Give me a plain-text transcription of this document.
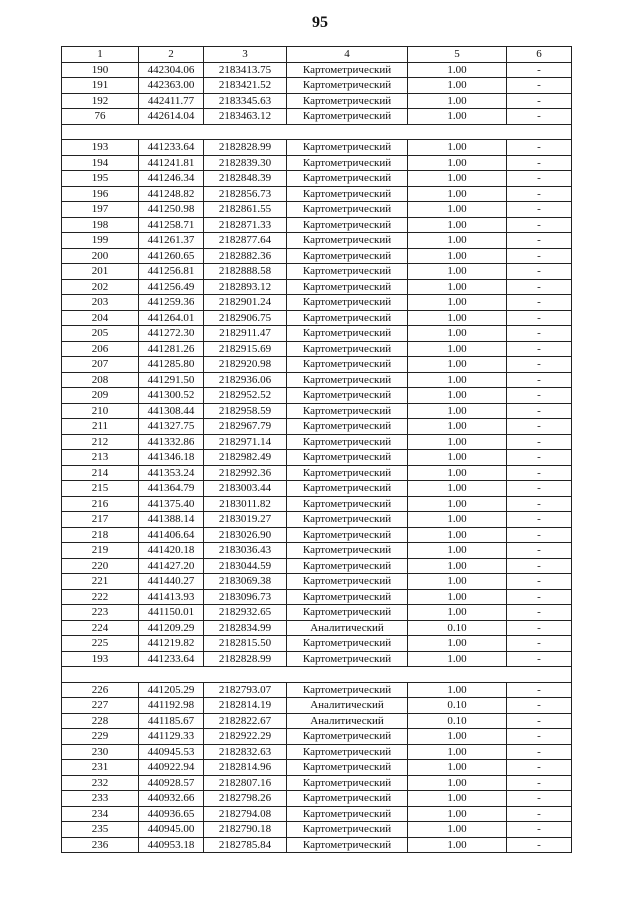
95
1	2	3	4	5	6
190	442304.06	2183413.75	Картометрический	1.00	-
191	442363.00	2183421.52	Картометрический	1.00	-
192	442411.77	2183345.63	Картометрический	1.00	-
76	442614.04	2183463.12	Картометрический	1.00	-

193	441233.64	2182828.99	Картометрический	1.00	-
194	441241.81	2182839.30	Картометрический	1.00	-
195	441246.34	2182848.39	Картометрический	1.00	-
196	441248.82	2182856.73	Картометрический	1.00	-
197	441250.98	2182861.55	Картометрический	1.00	-
198	441258.71	2182871.33	Картометрический	1.00	-
199	441261.37	2182877.64	Картометрический	1.00	-
200	441260.65	2182882.36	Картометрический	1.00	-
201	441256.81	2182888.58	Картометрический	1.00	-
202	441256.49	2182893.12	Картометрический	1.00	-
203	441259.36	2182901.24	Картометрический	1.00	-
204	441264.01	2182906.75	Картометрический	1.00	-
205	441272.30	2182911.47	Картометрический	1.00	-
206	441281.26	2182915.69	Картометрический	1.00	-
207	441285.80	2182920.98	Картометрический	1.00	-
208	441291.50	2182936.06	Картометрический	1.00	-
209	441300.52	2182952.52	Картометрический	1.00	-
210	441308.44	2182958.59	Картометрический	1.00	-
211	441327.75	2182967.79	Картометрический	1.00	-
212	441332.86	2182971.14	Картометрический	1.00	-
213	441346.18	2182982.49	Картометрический	1.00	-
214	441353.24	2182992.36	Картометрический	1.00	-
215	441364.79	2183003.44	Картометрический	1.00	-
216	441375.40	2183011.82	Картометрический	1.00	-
217	441388.14	2183019.27	Картометрический	1.00	-
218	441406.64	2183026.90	Картометрический	1.00	-
219	441420.18	2183036.43	Картометрический	1.00	-
220	441427.20	2183044.59	Картометрический	1.00	-
221	441440.27	2183069.38	Картометрический	1.00	-
222	441413.93	2183096.73	Картометрический	1.00	-
223	441150.01	2182932.65	Картометрический	1.00	-
224	441209.29	2182834.99	Аналитический	0.10	-
225	441219.82	2182815.50	Картометрический	1.00	-
193	441233.64	2182828.99	Картометрический	1.00	-

226	441205.29	2182793.07	Картометрический	1.00	-
227	441192.98	2182814.19	Аналитический	0.10	-
228	441185.67	2182822.67	Аналитический	0.10	-
229	441129.33	2182922.29	Картометрический	1.00	-
230	440945.53	2182832.63	Картометрический	1.00	-
231	440922.94	2182814.96	Картометрический	1.00	-
232	440928.57	2182807.16	Картометрический	1.00	-
233	440932.66	2182798.26	Картометрический	1.00	-
234	440936.65	2182794.08	Картометрический	1.00	-
235	440945.00	2182790.18	Картометрический	1.00	-
236	440953.18	2182785.84	Картометрический	1.00	-
